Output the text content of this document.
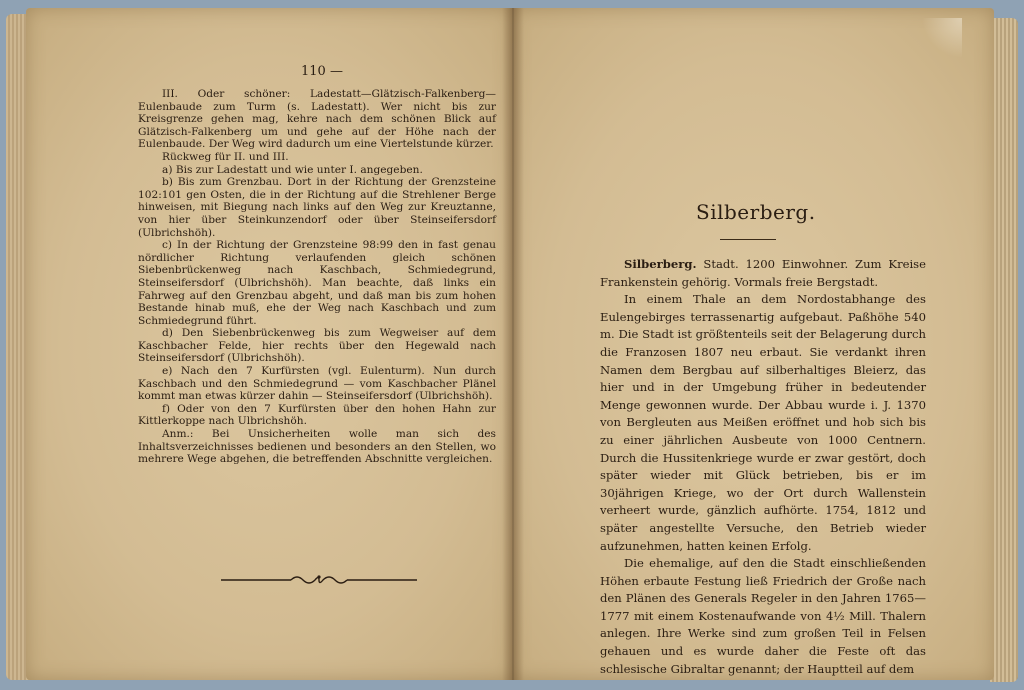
110 —

III. Oder schöner: Ladestatt—Glätzisch-Falkenberg—Eulenbaude zum Turm (s. Ladestatt). Wer nicht bis zur Kreisgrenze gehen mag, kehre nach dem schönen Blick auf Glätzisch-Falkenberg um und gehe auf der Höhe nach der Eulenbaude. Der Weg wird dadurch um eine Viertelstunde kürzer.

Rückweg für II. und III.

a) Bis zur Ladestatt und wie unter I. angegeben.

b) Bis zum Grenzbau. Dort in der Richtung der Grenzsteine 102:101 gen Osten, die in der Richtung auf die Strehlener Berge hinweisen, mit Biegung nach links auf den Weg zur Kreuztanne, von hier über Steinkunzendorf oder über Steinseifersdorf (Ulbrichshöh).

c) In der Richtung der Grenzsteine 98:99 den in fast genau nördlicher Richtung verlaufenden gleich schönen Siebenbrückenweg nach Kaschbach, Schmiedegrund, Steinseifersdorf (Ulbrichshöh). Man beachte, daß links ein Fahrweg auf den Grenzbau abgeht, und daß man bis zum hohen Bestande hinab muß, ehe der Weg nach Kaschbach und zum Schmiedegrund führt.

d) Den Siebenbrückenweg bis zum Wegweiser auf dem Kaschbacher Felde, hier rechts über den Hegewald nach Steinseifersdorf (Ulbrichshöh).

e) Nach den 7 Kurfürsten (vgl. Eulenturm). Nun durch Kaschbach und den Schmiedegrund — vom Kaschbacher Plänel kommt man etwas kürzer dahin — Steinseifersdorf (Ulbrichshöh).

f) Oder von den 7 Kurfürsten über den hohen Hahn zur Kittlerkoppe nach Ulbrichshöh.

Anm.: Bei Unsicherheiten wolle man sich des Inhaltsverzeichnisses bedienen und besonders an den Stellen, wo mehrere Wege abgehen, die betreffenden Abschnitte vergleichen.

Silberberg.

Silberberg. Stadt. 1200 Einwohner. Zum Kreise Frankenstein gehörig. Vormals freie Bergstadt.

In einem Thale an dem Nordostabhange des Eulengebirges terrassenartig aufgebaut. Paßhöhe 540 m. Die Stadt ist größtenteils seit der Belagerung durch die Franzosen 1807 neu erbaut. Sie verdankt ihren Namen dem Bergbau auf silberhaltiges Bleierz, das hier und in der Umgebung früher in bedeutender Menge gewonnen wurde. Der Abbau wurde i. J. 1370 von Bergleuten aus Meißen eröffnet und hob sich bis zu einer jährlichen Ausbeute von 1000 Centnern. Durch die Hussitenkriege wurde er zwar gestört, doch später wieder mit Glück betrieben, bis er im 30jährigen Kriege, wo der Ort durch Wallenstein verheert wurde, gänzlich aufhörte. 1754, 1812 und später angestellte Versuche, den Betrieb wieder aufzunehmen, hatten keinen Erfolg.

Die ehemalige, auf den die Stadt einschließenden Höhen erbaute Festung ließ Friedrich der Große nach den Plänen des Generals Regeler in den Jahren 1765—1777 mit einem Kostenaufwande von 4½ Mill. Thalern anlegen. Ihre Werke sind zum großen Teil in Felsen gehauen und es wurde daher die Feste oft das schlesische Gibraltar genannt; der Hauptteil auf dem
